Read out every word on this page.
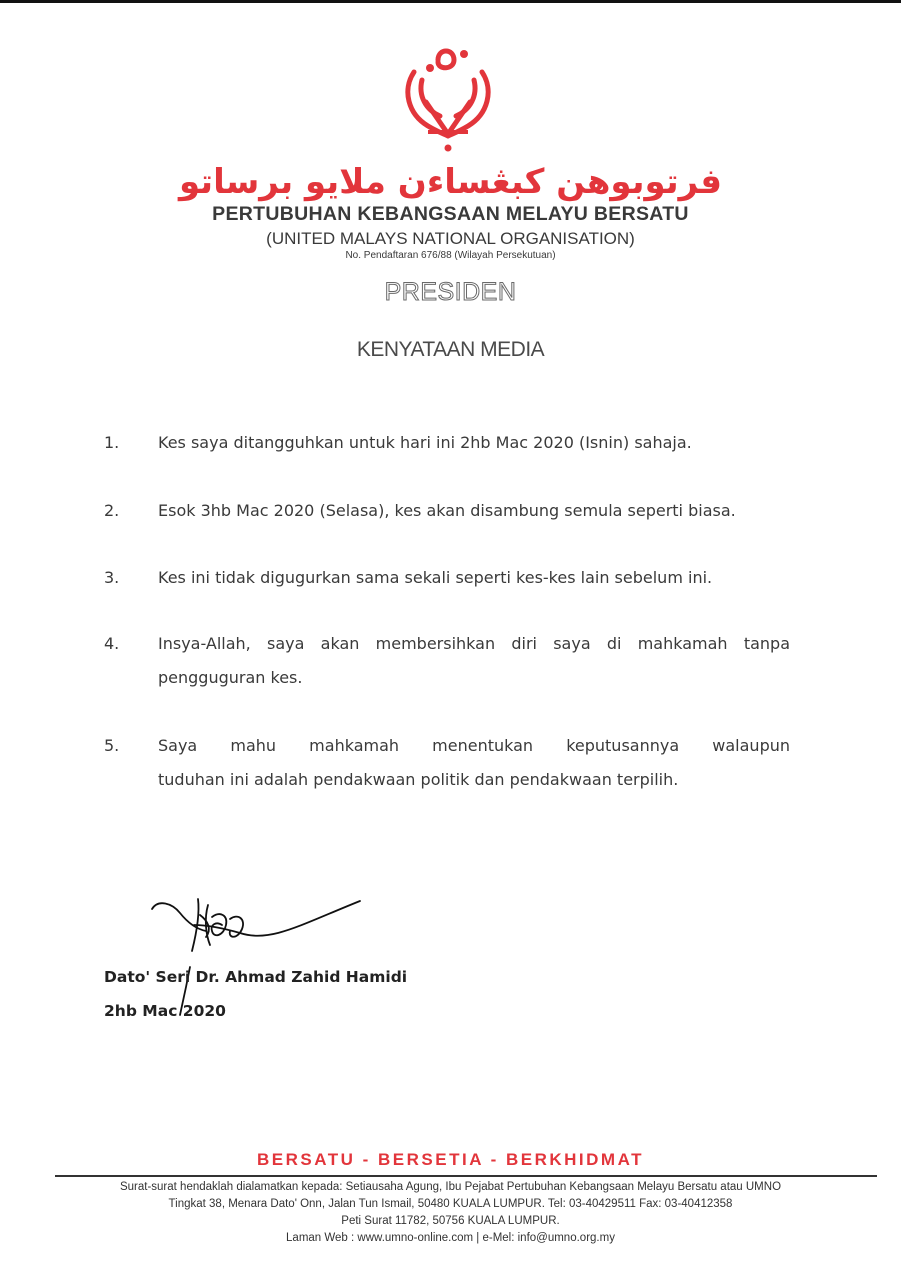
فرتوبوهن كبڠساءن ملايو برساتو
PERTUBUHAN KEBANGSAAN MELAYU BERSATU
(UNITED MALAYS NATIONAL ORGANISATION)
No. Pendaftaran 676/88 (Wilayah Persekutuan)
PRESIDEN
KENYATAAN MEDIA
1. Kes saya ditangguhkan untuk hari ini 2hb Mac 2020 (Isnin) sahaja.
2. Esok 3hb Mac 2020 (Selasa), kes akan disambung semula seperti biasa.
3. Kes ini tidak digugurkan sama sekali seperti kes-kes lain sebelum ini.
4. Insya-Allah, saya akan membersihkan diri saya di mahkamah tanpa
pengguguran kes.
5. Saya mahu mahkamah menentukan keputusannya walaupun
tuduhan ini adalah pendakwaan politik dan pendakwaan terpilih.
Dato' Seri Dr. Ahmad Zahid Hamidi
2hb Mac 2020
BERSATU - BERSETIA - BERKHIDMAT
Surat-surat hendaklah dialamatkan kepada: Setiausaha Agung, Ibu Pejabat Pertubuhan Kebangsaan Melayu Bersatu atau UMNO
Tingkat 38, Menara Dato' Onn, Jalan Tun Ismail, 50480 KUALA LUMPUR. Tel: 03-40429511 Fax: 03-40412358
Peti Surat 11782, 50756 KUALA LUMPUR.
Laman Web : www.umno-online.com | e-Mel: info@umno.org.my
